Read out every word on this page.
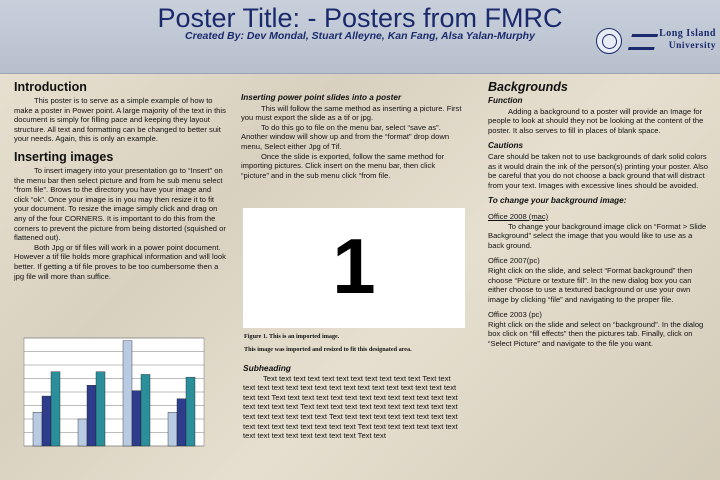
Poster Title: - Posters from FMRC
Created By: Dev Mondal, Stuart Alleyne, Kan Fang, Alsa Yalan-Murphy	Long Island
University
Introduction

This poster is to serve as a simple example of how to make a poster in Power point. A large majority of the text in this document is simply for filling pace and keeping they layout structure. All text and formatting can be changed to better suit your needs. Again, this is only an example.

Inserting images

To insert imagery into your presentation go to “Insert” on the menu bar then select picture and from he sub menu select “from file”. Brows to the directory you have your image and click “ok”. Once your image is in you may then resize it to fit your document. To resize the image simply click and drag on any of the four CORNERS. It is important to do this from the corners to prevent the picture from being distorted (squished or flattened out).

Both Jpg or tif files will work in a power point document. However a tif file holds more graphical information and will look better. If getting a tif file proves to be too cumbersome then a jpg file will more than suffice.

Inserting power point slides into a poster

This will follow the same method as inserting a picture. First you must export the slide as a tif or jpg.

To do this go to file on the menu bar, select “save as”. Another window will show up and from the “format” drop down menu, Select either Jpg of Tif.

Once the slide is exported, follow the same method for importing pictures. Click insert on the menu bar, then click “picture” and in the sub menu click “from file.

1
Figure 1. This is an imported image.
This image was imported and resized to fit this designated area.
Subheading

Text text text text text text text text text text text Text text text text text text text text text text text text text text text text text text text Text text text text text text text text text text text text text text text text text Text text text text text text text text text text text text text text text text text Text text text text text text text text text text text text text text text text text Text text text text text text text text text text text text text text text Text text

Backgrounds
Function

Adding a background to a poster will provide an Image for people to look at should they not be looking at the content of the poster. It also serves to fill in places of blank space.

Cautions

Care should be taken not to use backgrounds of dark solid colors as it would drain the ink of the person(s) printing your poster. Also be careful that you do not choose a back ground that will distract from your text. Images with excessive lines should be avoided.

To change your background image:

Office 2008 (mac)

To change your background image click on “Format > Slide Background” select the image that you would like to use as a back ground.

Office 2007(pc)

Right click on the slide, and select “Format background” then choose “Picture or texture fill”. In the new dialog box you can either choose to use a textured background or use your own image by clicking “file” and navigating to the proper file.

Office 2003 (pc)

Right click on the slide and select on “background”. In the dialog box click on “fill effects” then the pictures tab. Finally, click on “Select Picture” and navigate to the file you want.
